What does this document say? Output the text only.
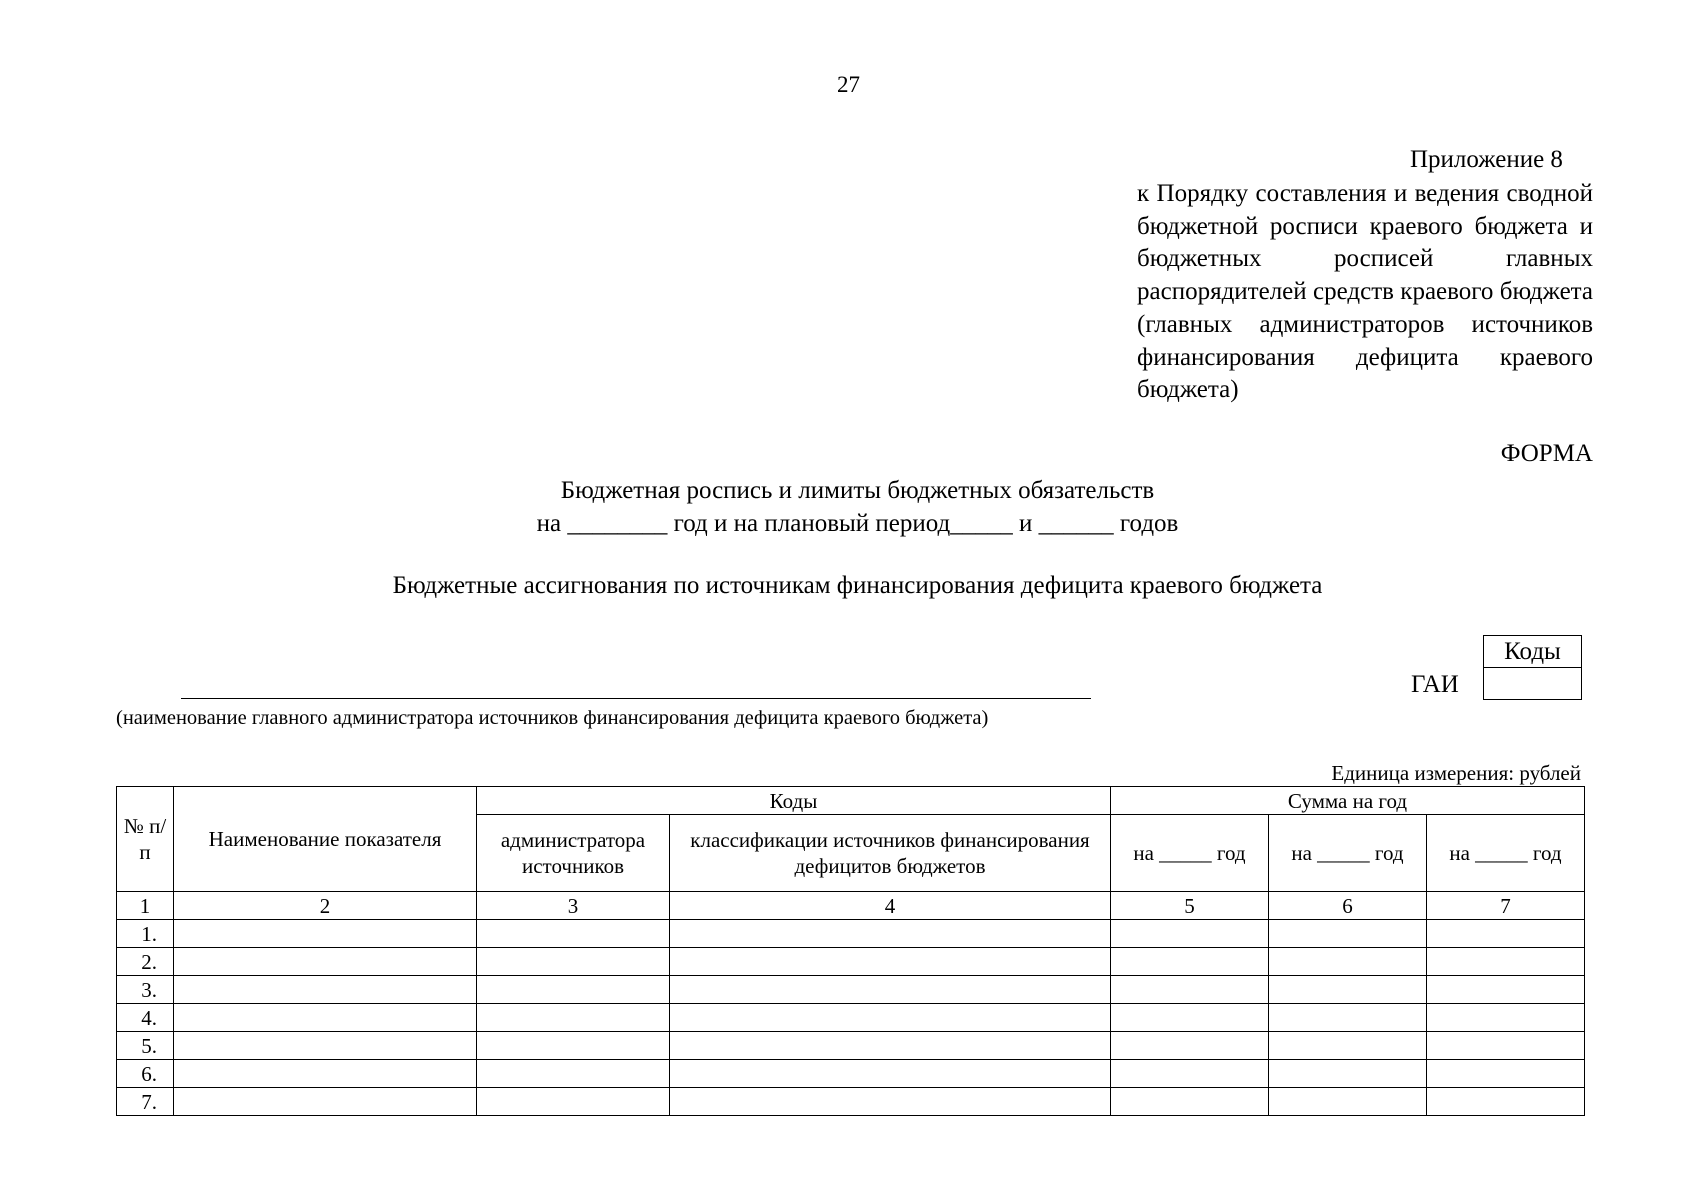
27
Приложение 8
к Порядку составления и ведения сводной бюджетной росписи краевого бюджета и бюджетных росписей главных распорядителей средств краевого бюджета (главных администраторов источников финансирования дефицита краевого бюджета)
ФОРМА
Бюджетная роспись и лимиты бюджетных обязательств
на ________ год и на плановый период_____ и ______ годов
Бюджетные ассигнования по источникам финансирования дефицита краевого бюджета
Коды

ГАИ
(наименование главного администратора источников финансирования дефицита краевого бюджета)
Единица измерения: рублей
№ п/п	Наименование показателя	Коды		Сумма на год		
		администратора источников	классификации источников финансирования дефицитов бюджетов	на _____ год	на _____ год	на _____ год
1	2	3	4	5	6	7
1.						
2.						
3.						
4.						
5.						
6.						
7.						
